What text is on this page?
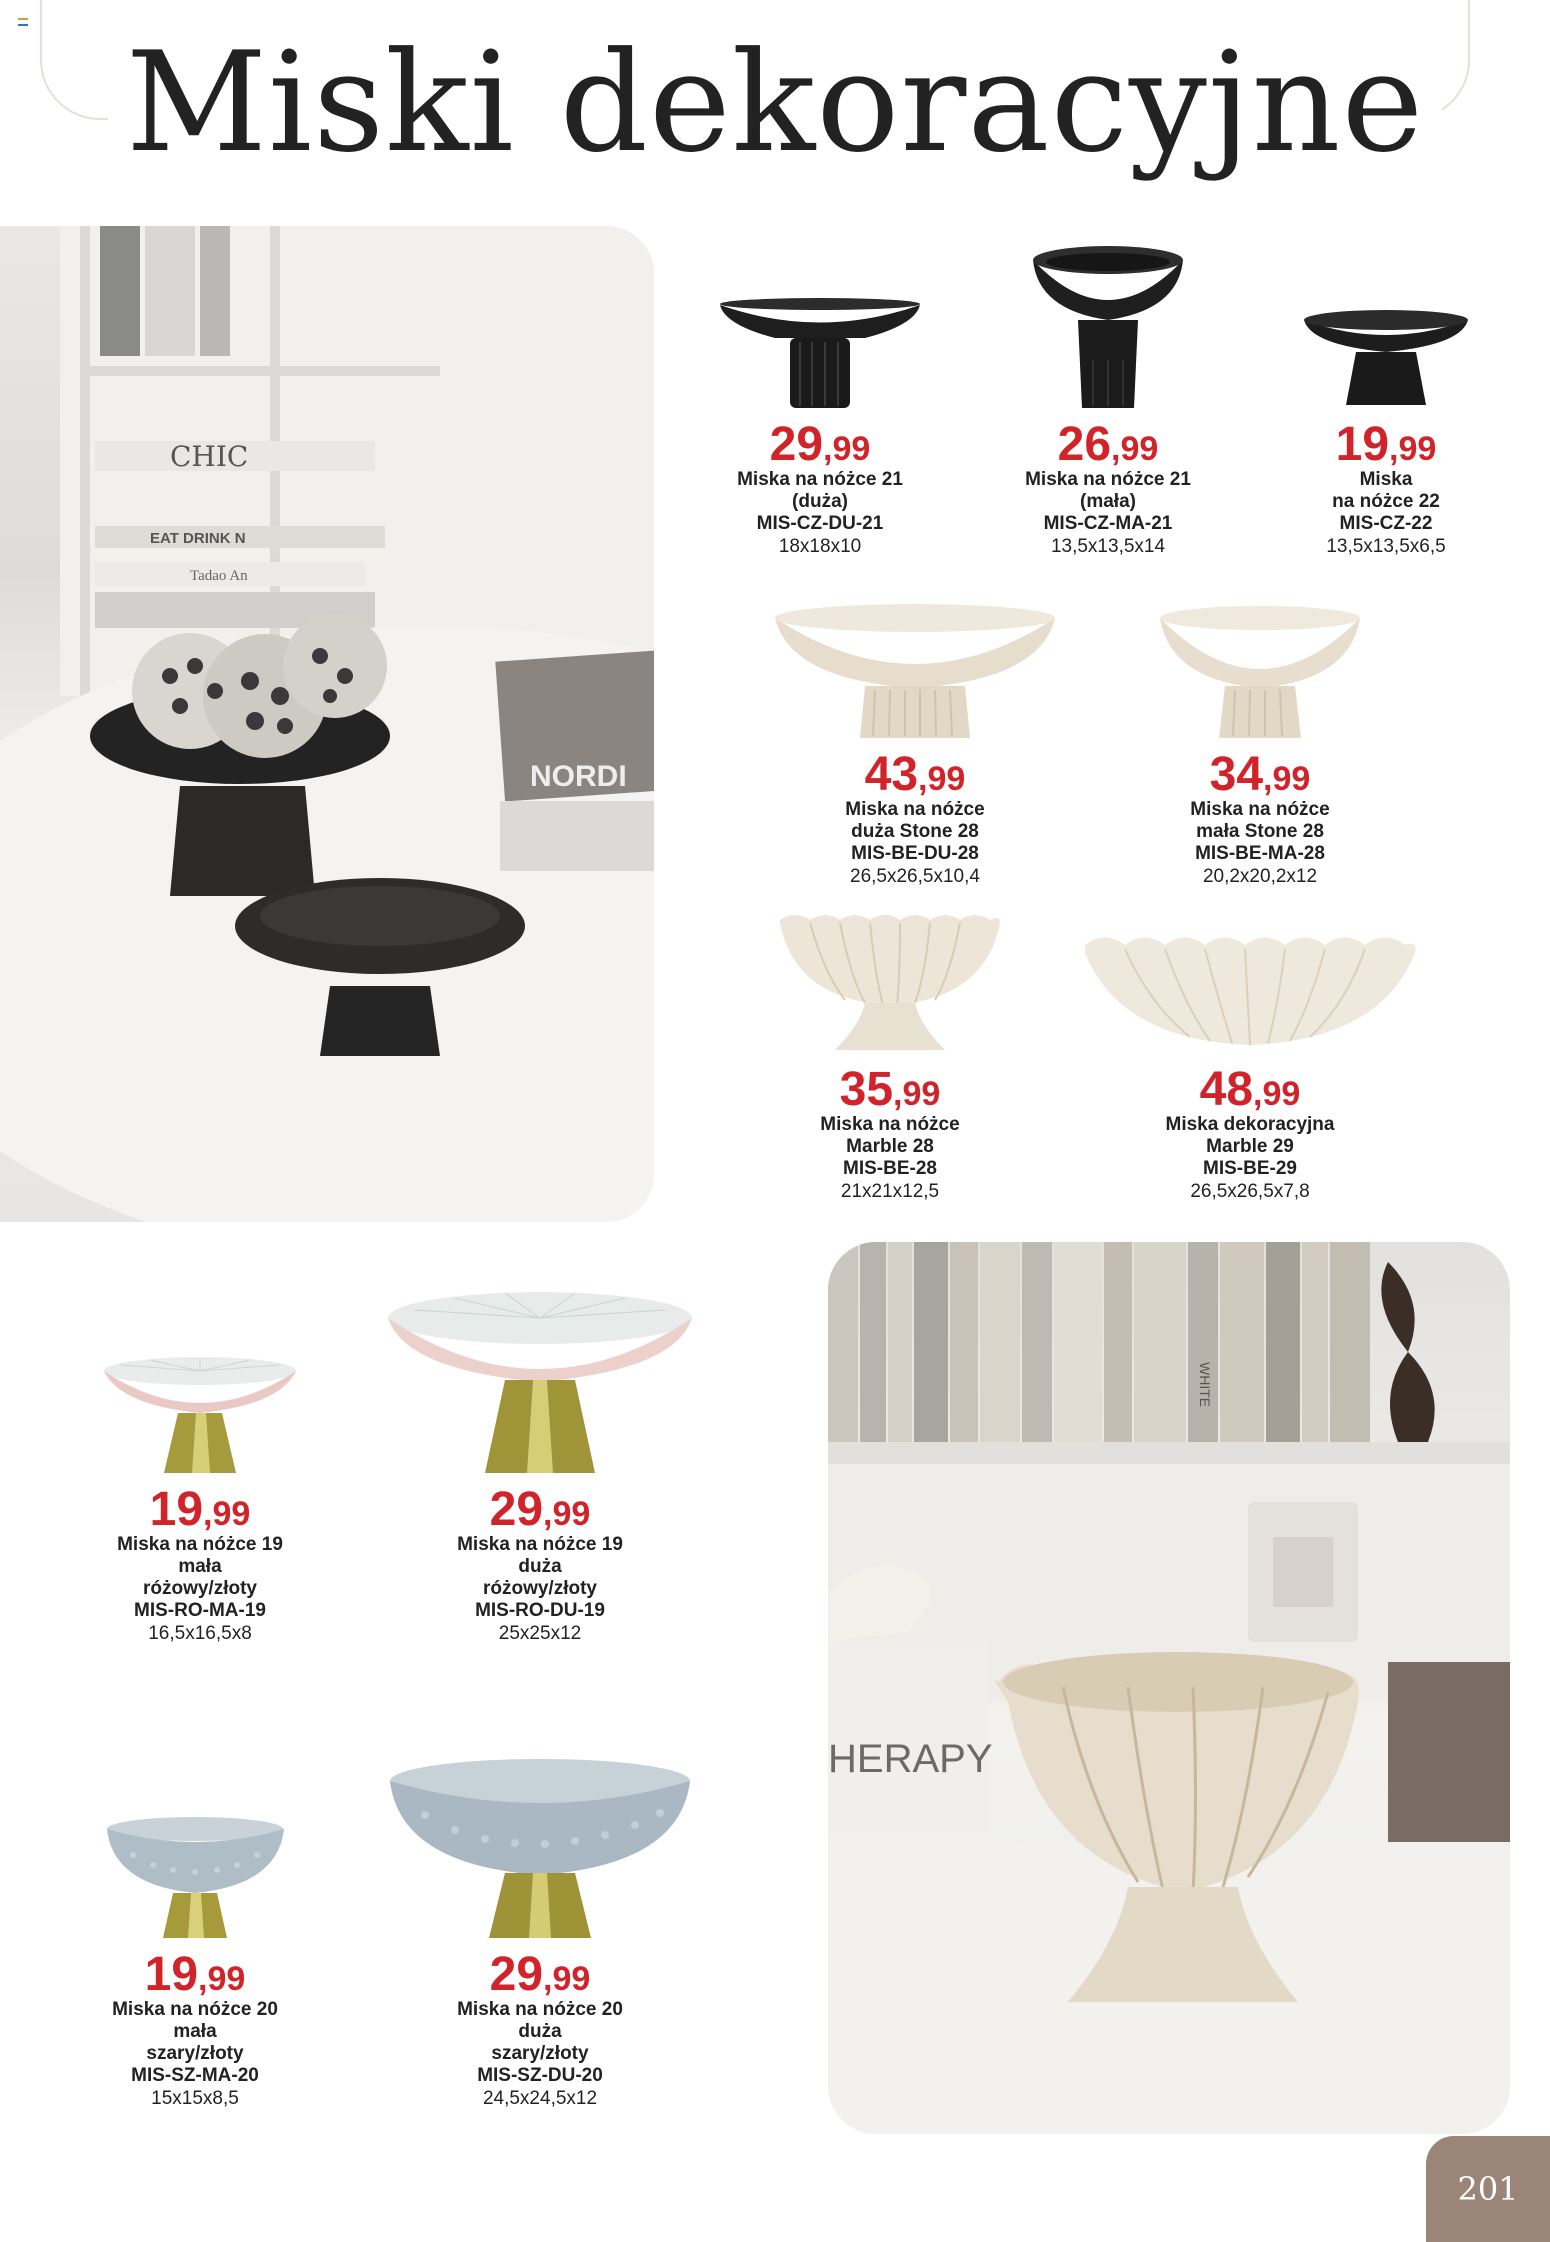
Miski dekoracyjne
CHIC
EAT DRINK N
Tadao An
NORDI
29,99
Miska na nóżce 21
(duża)
MIS-CZ-DU-21
18x18x10
26,99
Miska na nóżce 21
(mała)
MIS-CZ-MA-21
13,5x13,5x14
19,99
Miska
na nóżce 22
MIS-CZ-22
13,5x13,5x6,5
43,99
Miska na nóżce
duża Stone 28
MIS-BE-DU-28
26,5x26,5x10,4
34,99
Miska na nóżce
mała Stone 28
MIS-BE-MA-28
20,2x20,2x12
35,99
Miska na nóżce
Marble 28
MIS-BE-28
21x21x12,5
48,99
Miska dekoracyjna
Marble 29
MIS-BE-29
26,5x26,5x7,8
19,99
Miska na nóżce 19
mała
różowy/złoty
MIS-RO-MA-19
16,5x16,5x8
29,99
Miska na nóżce 19
duża
różowy/złoty
MIS-RO-DU-19
25x25x12
19,99
Miska na nóżce 20
mała
szary/złoty
MIS-SZ-MA-20
15x15x8,5
29,99
Miska na nóżce 20
duża
szary/złoty
MIS-SZ-DU-20
24,5x24,5x12
WHITE
HERAPY
201
